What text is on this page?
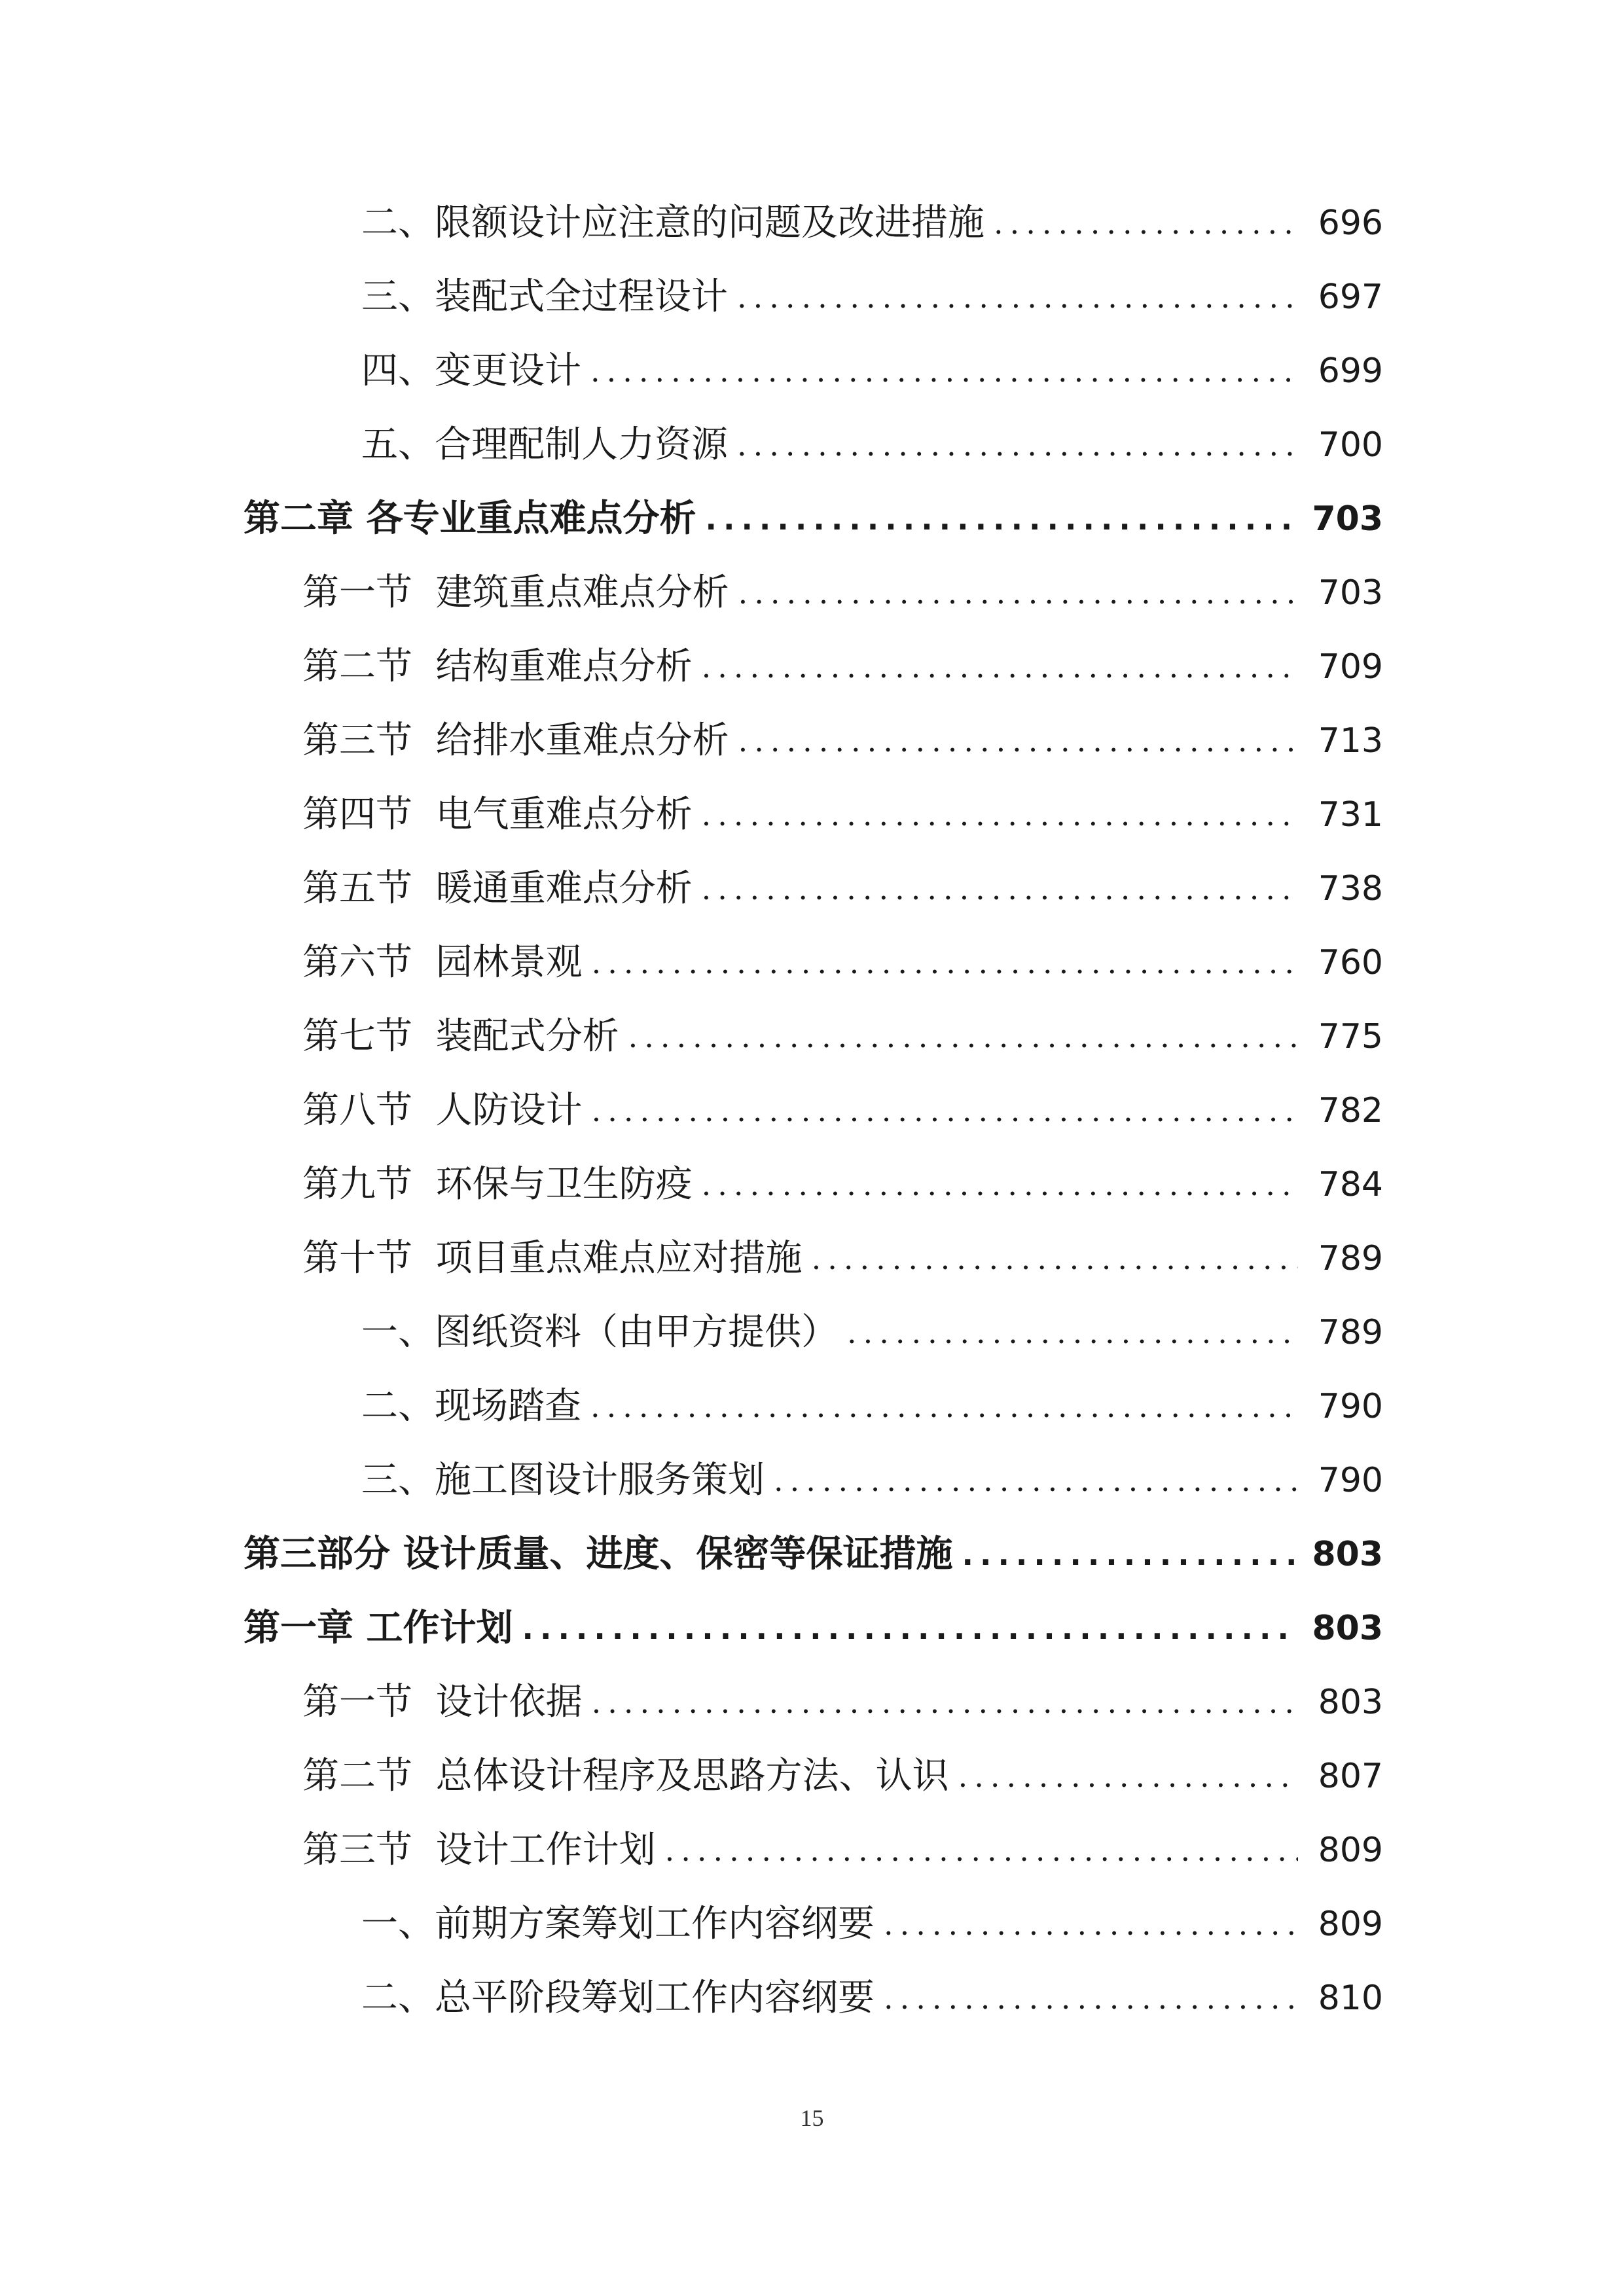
二、限额设计应注意的问题及改进措施 .....	696
三、装配式全过程设计 .....	697
四、变更设计 .....	699
五、合理配制人力资源 .....	700
第二章 各专业重点难点分析 .....	703
第一节  建筑重点难点分析 .....	703
第二节  结构重难点分析 .....	709
第三节  给排水重难点分析 .....	713
第四节  电气重难点分析 .....	731
第五节  暖通重难点分析 .....	738
第六节  园林景观 .....	760
第七节  装配式分析 .....	775
第八节  人防设计 .....	782
第九节  环保与卫生防疫 .....	784
第十节  项目重点难点应对措施 .....	789
一、图纸资料（由甲方提供） .....	789
二、现场踏查 .....	790
三、施工图设计服务策划 .....	790
第三部分 设计质量、进度、保密等保证措施 .....	803
第一章 工作计划 .....	803
第一节  设计依据 .....	803
第二节  总体设计程序及思路方法、认识 .....	807
第三节  设计工作计划 .....	809
一、前期方案筹划工作内容纲要 .....	809
二、总平阶段筹划工作内容纲要 .....	810
15
